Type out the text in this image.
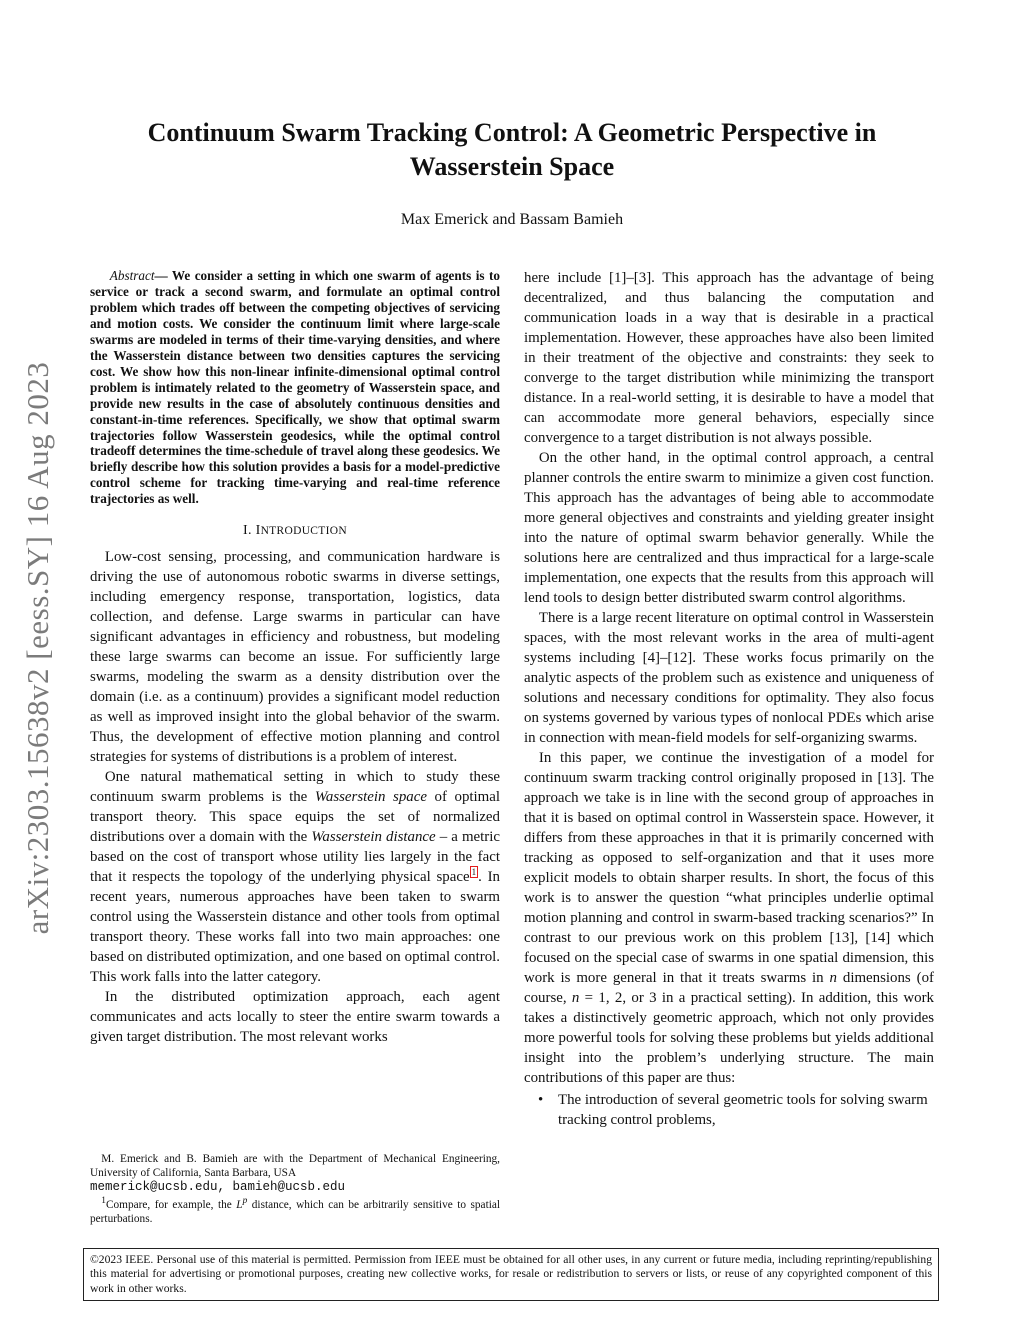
arXiv:2303.15638v2 [eess.SY] 16 Aug 2023
Continuum Swarm Tracking Control: A Geometric Perspective in
Wasserstein Space

Max Emerick and Bassam Bamieh

Abstract— We consider a setting in which one swarm of agents is to service or track a second swarm, and formulate an optimal control problem which trades off between the competing objectives of servicing and motion costs. We consider the continuum limit where large-scale swarms are modeled in terms of their time-varying densities, and where the Wasserstein distance between two densities captures the servicing cost. We show how this non-linear infinite-dimensional optimal control problem is intimately related to the geometry of Wasserstein space, and provide new results in the case of absolutely continuous densities and constant-in-time references. Specifically, we show that optimal swarm trajectories follow Wasserstein geodesics, while the optimal control tradeoff determines the time-schedule of travel along these geodesics. We briefly describe how this solution provides a basis for a model-predictive control scheme for tracking time-varying and real-time reference trajectories as well.

I. INTRODUCTION

Low-cost sensing, processing, and communication hardware is driving the use of autonomous robotic swarms in diverse settings, including emergency response, transportation, logistics, data collection, and defense. Large swarms in particular can have significant advantages in efficiency and robustness, but modeling these large swarms can become an issue. For sufficiently large swarms, modeling the swarm as a density distribution over the domain (i.e. as a continuum) provides a significant model reduction as well as improved insight into the global behavior of the swarm. Thus, the development of effective motion planning and control strategies for systems of distributions is a problem of interest.

One natural mathematical setting in which to study these continuum swarm problems is the Wasserstein space of optimal transport theory. This space equips the set of normalized distributions over a domain with the Wasserstein distance – a metric based on the cost of transport whose utility lies largely in the fact that it respects the topology of the underlying physical space $^1$ . In recent years, numerous approaches have been taken to swarm control using the Wasserstein distance and other tools from optimal transport theory. These works fall into two main approaches: one based on distributed optimization, and one based on optimal control. This work falls into the latter category.

In the distributed optimization approach, each agent communicates and acts locally to steer the entire swarm towards a given target distribution. The most relevant works

M. Emerick and B. Bamieh are with the Department of Mechanical Engineering, University of California, Santa Barbara, USA
memerick@ucsb.edu, bamieh@ucsb.edu

$^1$Compare, for example, the $L^p$ distance, which can be arbitrarily sensitive to spatial perturbations.

here include [1]–[3]. This approach has the advantage of being decentralized, and thus balancing the computation and communication loads in a way that is desirable in a practical implementation. However, these approaches have also been limited in their treatment of the objective and constraints: they seek to converge to the target distribution while minimizing the transport distance. In a real-world setting, it is desirable to have a model that can accommodate more general behaviors, especially since convergence to a target distribution is not always possible.

On the other hand, in the optimal control approach, a central planner controls the entire swarm to minimize a given cost function. This approach has the advantages of being able to accommodate more general objectives and constraints and yielding greater insight into the nature of optimal swarm behavior generally. While the solutions here are centralized and thus impractical for a large-scale implementation, one expects that the results from this approach will lend tools to design better distributed swarm control algorithms.

There is a large recent literature on optimal control in Wasserstein spaces, with the most relevant works in the area of multi-agent systems including [4]–[12]. These works focus primarily on the analytic aspects of the problem such as existence and uniqueness of solutions and necessary conditions for optimality. They also focus on systems governed by various types of nonlocal PDEs which arise in connection with mean-field models for self-organizing swarms.

In this paper, we continue the investigation of a model for continuum swarm tracking control originally proposed in [13]. The approach we take is in line with the second group of approaches in that it is based on optimal control in Wasserstein space. However, it differs from these approaches in that it is primarily concerned with tracking as opposed to self-organization and that it uses more explicit models to obtain sharper results. In short, the focus of this work is to answer the question “what principles underlie optimal motion planning and control in swarm-based tracking scenarios?” In contrast to our previous work on this problem [13], [14] which focused on the special case of swarms in one spatial dimension, this work is more general in that it treats swarms in n dimensions (of course, n = 1, 2, or 3 in a practical setting). In addition, this work takes a distinctively geometric approach, which not only provides more powerful tools for solving these problems but yields additional insight into the problem’s underlying structure. The main contributions of this paper are thus:

• The introduction of several geometric tools for solving swarm tracking control problems,
©2023 IEEE. Personal use of this material is permitted. Permission from IEEE must be obtained for all other uses, in any current or future media, including reprinting/republishing this material for advertising or promotional purposes, creating new collective works, for resale or redistribution to servers or lists, or reuse of any copyrighted component of this work in other works.
